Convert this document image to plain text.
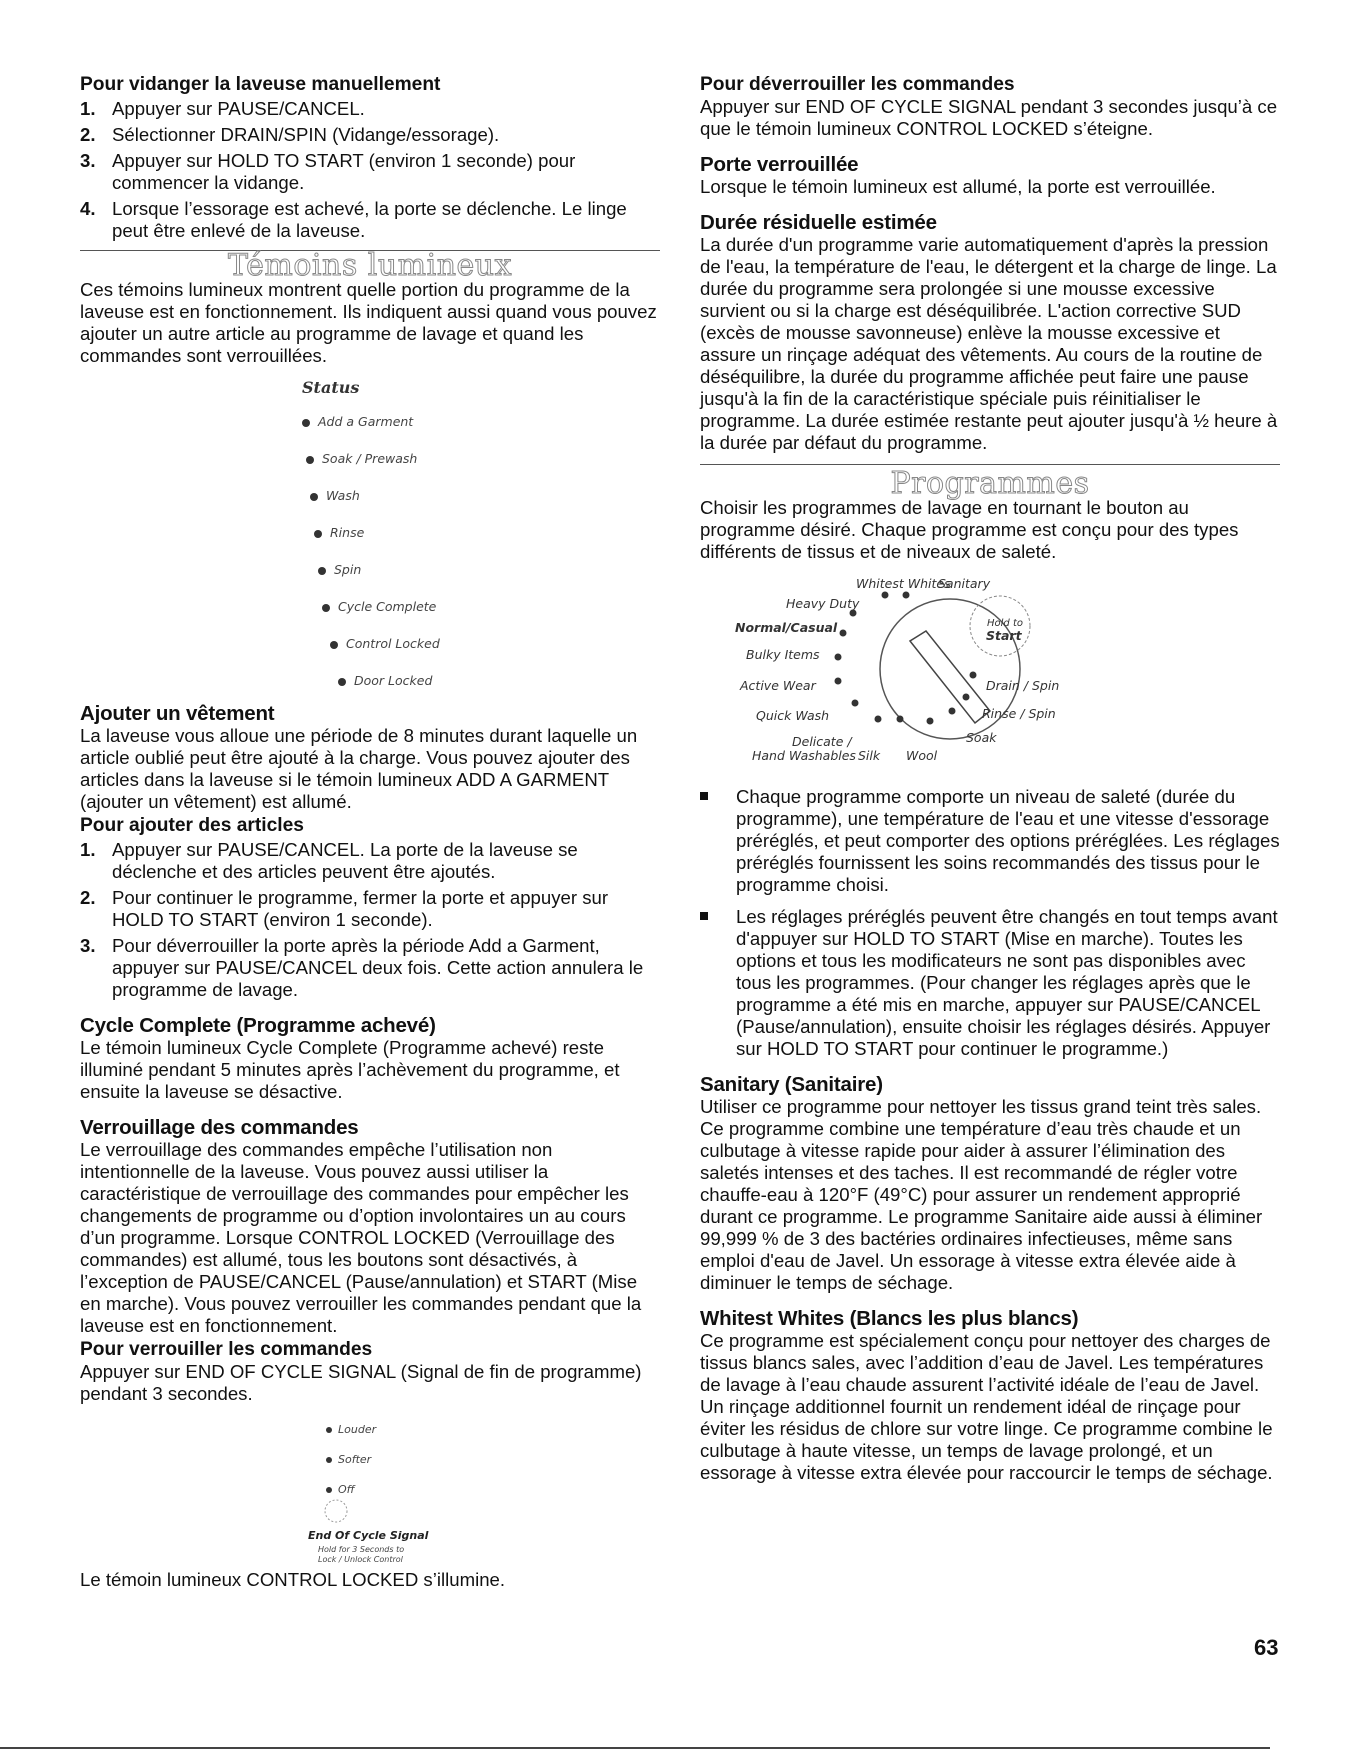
Pour vidanger la laveuse manuellement

1. Appuyer sur PAUSE/CANCEL.
2. Sélectionner DRAIN/SPIN (Vidange/essorage).
3. Appuyer sur HOLD TO START (environ 1 seconde) pour commencer la vidange.
4. Lorsque l’essorage est achevé, la porte se déclenche. Le linge peut être enlevé de la laveuse.

Témoins lumineux

Ces témoins lumineux montrent quelle portion du programme de la laveuse est en fonctionnement. Ils indiquent aussi quand vous pouvez ajouter un autre article au programme de lavage et quand les commandes sont verrouillées.

Status
Add a Garment
Soak / Prewash
Wash
Rinse
Spin
Cycle Complete
Control Locked
Door Locked

Ajouter un vêtement

La laveuse vous alloue une période de 8 minutes durant laquelle un article oublié peut être ajouté à la charge. Vous pouvez ajouter des articles dans la laveuse si le témoin lumineux ADD A GARMENT (ajouter un vêtement) est allumé.

Pour ajouter des articles

1. Appuyer sur PAUSE/CANCEL. La porte de la laveuse se déclenche et des articles peuvent être ajoutés.
2. Pour continuer le programme, fermer la porte et appuyer sur HOLD TO START (environ 1 seconde).
3. Pour déverrouiller la porte après la période Add a Garment, appuyer sur PAUSE/CANCEL deux fois. Cette action annulera le programme de lavage.

Cycle Complete (Programme achevé)

Le témoin lumineux Cycle Complete (Programme achevé) reste illuminé pendant 5 minutes après l’achèvement du programme, et ensuite la laveuse se désactive.

Verrouillage des commandes

Le verrouillage des commandes empêche l’utilisation non intentionnelle de la laveuse. Vous pouvez aussi utiliser la caractéristique de verrouillage des commandes pour empêcher les changements de programme ou d’option involontaires un au cours d’un programme. Lorsque CONTROL LOCKED (Verrouillage des commandes) est allumé, tous les boutons sont désactivés, à l’exception de PAUSE/CANCEL (Pause/annulation) et START (Mise en marche). Vous pouvez verrouiller les commandes pendant que la laveuse est en fonctionnement.

Pour verrouiller les commandes

Appuyer sur END OF CYCLE SIGNAL (Signal de fin de programme) pendant 3 secondes.

Louder
Softer
Off
End Of Cycle Signal
Hold for 3 Seconds to
Lock / Unlock Control

Le témoin lumineux CONTROL LOCKED s’illumine.

Pour déverrouiller les commandes

Appuyer sur END OF CYCLE SIGNAL pendant 3 secondes jusqu’à ce que le témoin lumineux CONTROL LOCKED s’éteigne.

Porte verrouillée

Lorsque le témoin lumineux est allumé, la porte est verrouillée.

Durée résiduelle estimée

La durée d'un programme varie automatiquement d'après la pression de l'eau, la température de l'eau, le détergent et la charge de linge. La durée du programme sera prolongée si une mousse excessive survient ou si la charge est déséquilibrée. L'action corrective SUD (excès de mousse savonneuse) enlève la mousse excessive et assure un rinçage adéquat des vêtements. Au cours de la routine de déséquilibre, la durée du programme affichée peut faire une pause jusqu'à la fin de la caractéristique spéciale puis réinitialiser le programme. La durée estimée restante peut ajouter jusqu'à ½ heure à la durée par défaut du programme.

Programmes

Choisir les programmes de lavage en tournant le bouton au programme désiré. Chaque programme est conçu pour des types différents de tissus et de niveaux de saleté.

Whitest Whites
Sanitary
Heavy Duty
Normal/Casual
Bulky Items
Active Wear
Quick Wash
Delicate /
Hand Washables Silk Wool
Soak
Rinse / Spin
Drain / Spin
Hold to
Start
Chaque programme comporte un niveau de saleté (durée du programme), une température de l'eau et une vitesse d'essorage préréglés, et peut comporter des options préréglées. Les réglages préréglés fournissent les soins recommandés des tissus pour le programme choisi.
Les réglages préréglés peuvent être changés en tout temps avant d'appuyer sur HOLD TO START (Mise en marche). Toutes les options et tous les modificateurs ne sont pas disponibles avec tous les programmes. (Pour changer les réglages après que le programme a été mis en marche, appuyer sur PAUSE/CANCEL (Pause/annulation), ensuite choisir les réglages désirés. Appuyer sur HOLD TO START pour continuer le programme.)

Sanitary (Sanitaire)

Utiliser ce programme pour nettoyer les tissus grand teint très sales. Ce programme combine une température d’eau très chaude et un culbutage à vitesse rapide pour aider à assurer l’élimination des saletés intenses et des taches. Il est recommandé de régler votre chauffe-eau à 120°F (49°C) pour assurer un rendement approprié durant ce programme. Le programme Sanitaire aide aussi à éliminer 99,999 % de 3 des bactéries ordinaires infectieuses, même sans emploi d'eau de Javel. Un essorage à vitesse extra élevée aide à diminuer le temps de séchage.

Whitest Whites (Blancs les plus blancs)

Ce programme est spécialement conçu pour nettoyer des charges de tissus blancs sales, avec l’addition d’eau de Javel. Les températures de lavage à l’eau chaude assurent l’activité idéale de l’eau de Javel. Un rinçage additionnel fournit un rendement idéal de rinçage pour éviter les résidus de chlore sur votre linge. Ce programme combine le culbutage à haute vitesse, un temps de lavage prolongé, et un essorage à vitesse extra élevée pour raccourcir le temps de séchage.

63
